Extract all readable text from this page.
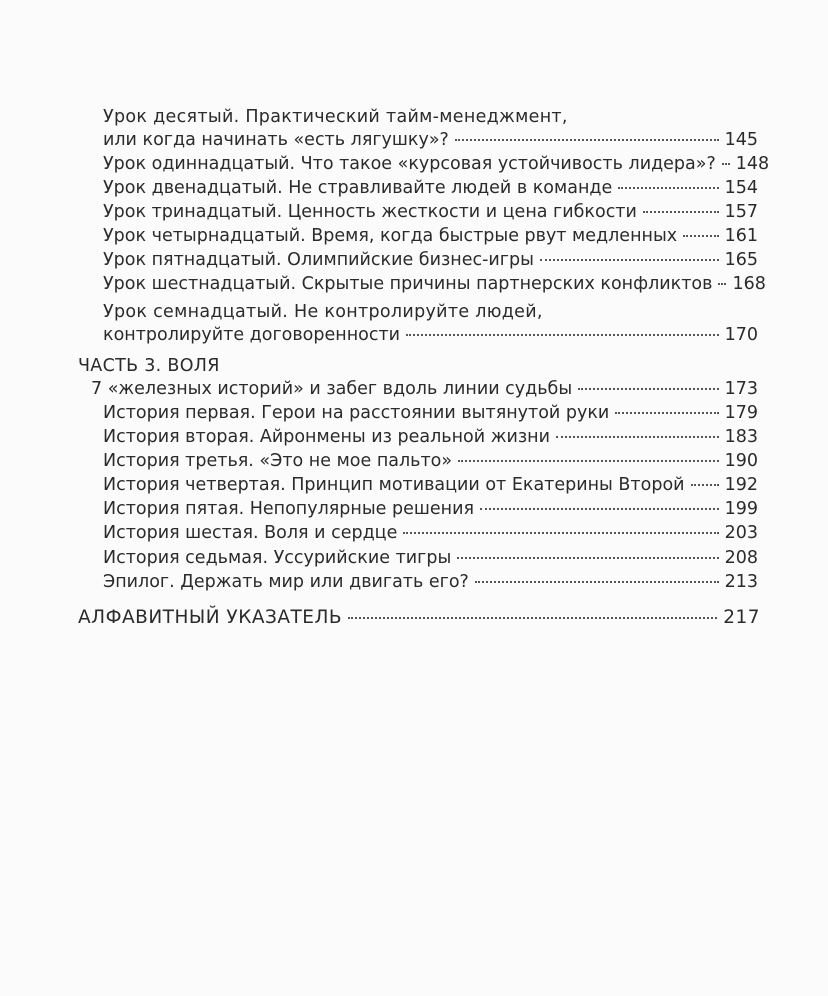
Урок десятый. Практический тайм-менеджмент,
или когда начинать «есть лягушку»?	145
Урок одиннадцатый. Что такое «курсовая устойчивость лидера»? 148
Урок двенадцатый. Не стравливайте людей в команде	154
Урок тринадцатый. Ценность жесткости и цена гибкости	157
Урок четырнадцатый. Время, когда быстрые рвут медленных	161
Урок пятнадцатый. Олимпийские бизнес-игры	165
Урок шестнадцатый. Скрытые причины партнерских конфликтов 168
Урок семнадцатый. Не контролируйте людей,
контролируйте договоренности	170
ЧАСТЬ 3. ВОЛЯ
7 «железных историй» и забег вдоль линии судьбы	173
История первая. Герои на расстоянии вытянутой руки	179
История вторая. Айронмены из реальной жизни	183
История третья. «Это не мое пальто»	190
История четвертая. Принцип мотивации от Екатерины Второй 192
История пятая. Непопулярные решения	199
История шестая. Воля и сердце	203
История седьмая. Уссурийские тигры	208
Эпилог. Держать мир или двигать его?	213
АЛФАВИТНЫЙ УКАЗАТЕЛЬ	217
